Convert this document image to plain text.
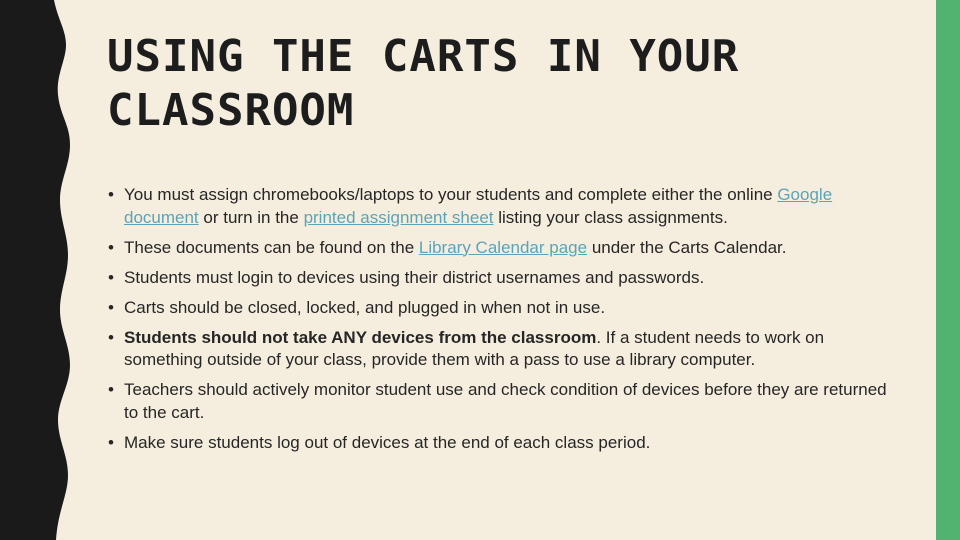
USING THE CARTS IN YOUR
CLASSROOM
• You must assign chromebooks/laptops to your students and complete either the online Google document or turn in the printed assignment sheet listing your class assignments.
• These documents can be found on the Library Calendar page under the Carts Calendar.
• Students must login to devices using their district usernames and passwords.
• Carts should be closed, locked, and plugged in when not in use.
• Students should not take ANY devices from the classroom. If a student needs to work on something outside of your class, provide them with a pass to use a library computer.
• Teachers should actively monitor student use and check condition of devices before they are returned to the cart.
• Make sure students log out of devices at the end of each class period.
